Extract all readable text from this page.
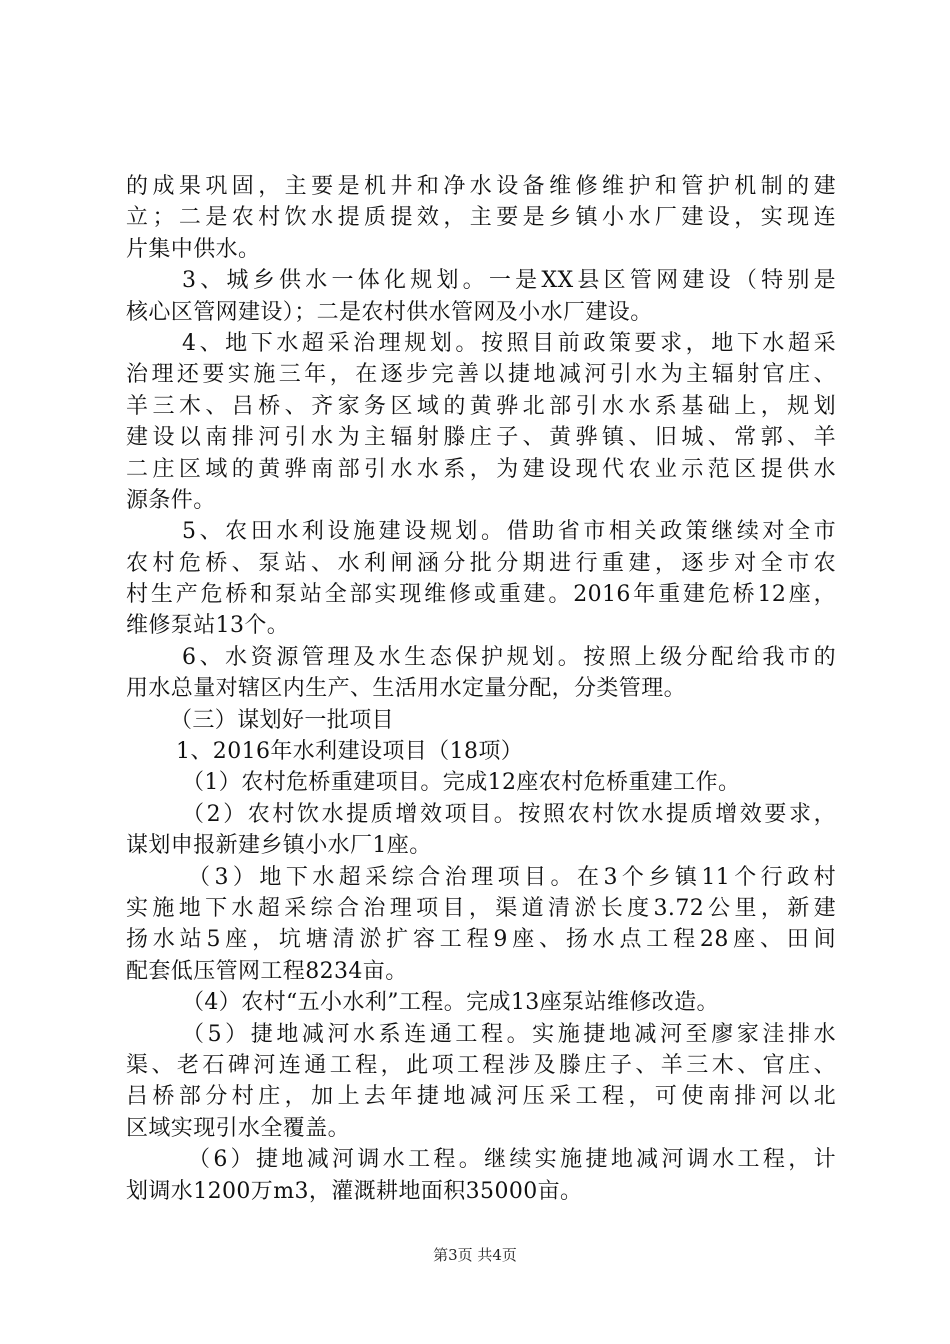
的成果巩固，主要是机井和净水设备维修维护和管护机制的建
立；二是农村饮水提质提效，主要是乡镇小水厂建设，实现连
片集中供水。
3、城乡供水一体化规划。一是XX县区管网建设（特别是
核心区管网建设）；二是农村供水管网及小水厂建设。
4、地下水超采治理规划。按照目前政策要求，地下水超采
治理还要实施三年，在逐步完善以捷地减河引水为主辐射官庄、
羊三木、吕桥、齐家务区域的黄骅北部引水水系基础上，规划
建设以南排河引水为主辐射滕庄子、黄骅镇、旧城、常郭、羊
二庄区域的黄骅南部引水水系，为建设现代农业示范区提供水
源条件。
5、农田水利设施建设规划。借助省市相关政策继续对全市
农村危桥、泵站、水利闸涵分批分期进行重建，逐步对全市农
村生产危桥和泵站全部实现维修或重建。2016年重建危桥12座，
维修泵站13个。
6、水资源管理及水生态保护规划。按照上级分配给我市的
用水总量对辖区内生产、生活用水定量分配，分类管理。
（三）谋划好一批项目
1、2016年水利建设项目（18项）
（1）农村危桥重建项目。完成12座农村危桥重建工作。
（2）农村饮水提质增效项目。按照农村饮水提质增效要求，
谋划申报新建乡镇小水厂1座。
（3）地下水超采综合治理项目。在3个乡镇11个行政村
实施地下水超采综合治理项目，渠道清淤长度3.72公里，新建
扬水站5座，坑塘清淤扩容工程9座、扬水点工程28座、田间
配套低压管网工程8234亩。
（4）农村“五小水利”工程。完成13座泵站维修改造。
（5）捷地减河水系连通工程。实施捷地减河至廖家洼排水
渠、老石碑河连通工程，此项工程涉及滕庄子、羊三木、官庄、
吕桥部分村庄，加上去年捷地减河压采工程，可使南排河以北
区域实现引水全覆盖。
（6）捷地减河调水工程。继续实施捷地减河调水工程，计
划调水1200万m3，灌溉耕地面积35000亩。
第3页 共4页
